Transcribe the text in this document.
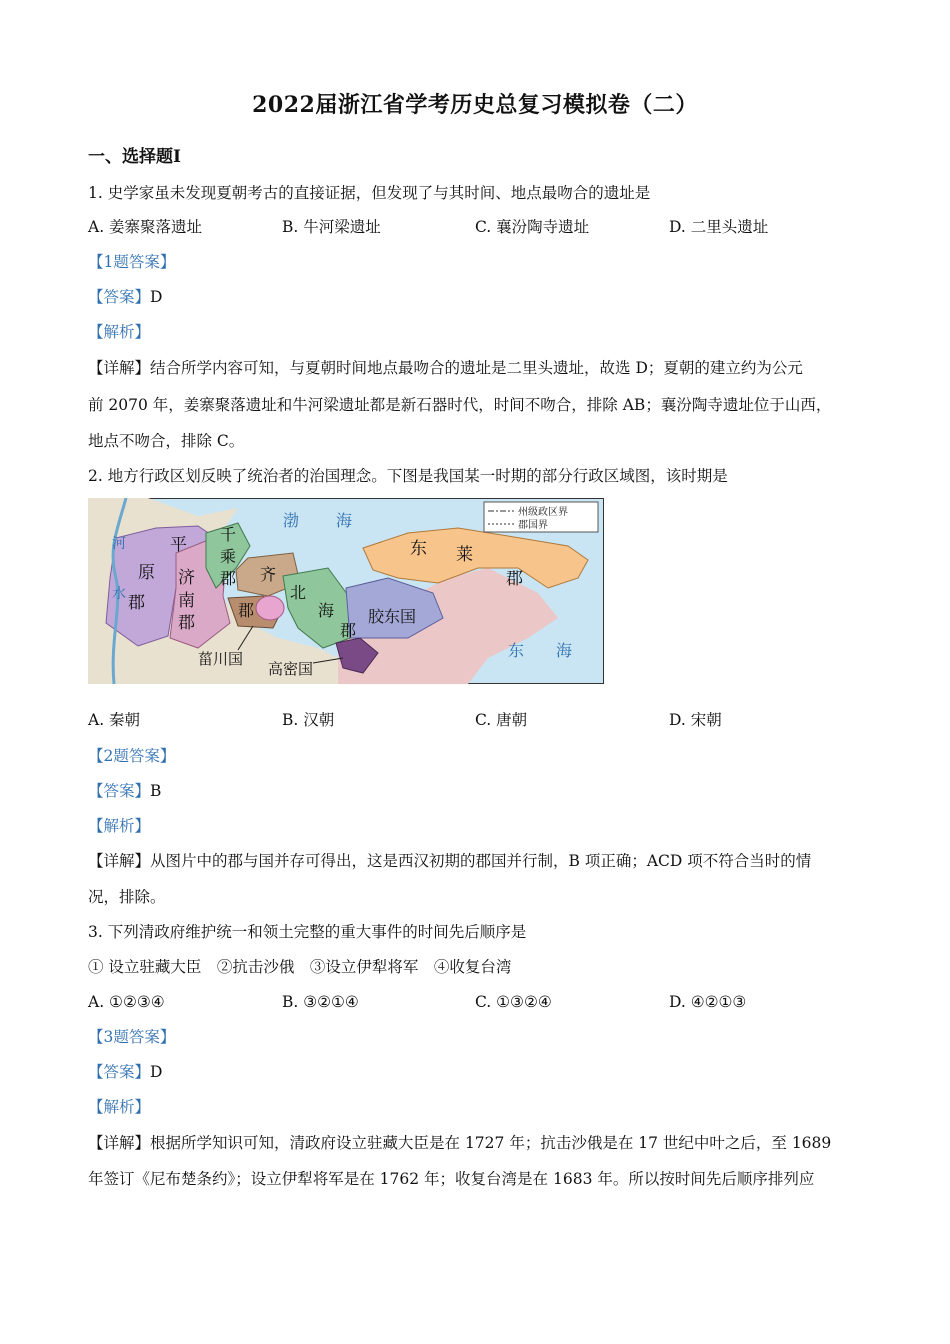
2022届浙江省学考历史总复习模拟卷（二）
一、选择题Ⅰ
1. 史学家虽未发现夏朝考古的直接证据，但发现了与其时间、地点最吻合的遗址是
A. 姜寨聚落遗址	B. 牛河梁遗址	C. 襄汾陶寺遗址	D. 二里头遗址
【1题答案】
【答案】D
【解析】
【详解】结合所学内容可知，与夏朝时间地点最吻合的遗址是二里头遗址，故选 D；夏朝的建立约为公元
前 2070 年，姜寨聚落遗址和牛河梁遗址都是新石器时代，时间不吻合，排除 AB；襄汾陶寺遗址位于山西，
地点不吻合，排除 C。
2. 地方行政区划反映了统治者的治国理念。下图是我国某一时期的部分行政区域图，该时期是
州级政区界
郡国界
渤 海
东 海
河
水
平
原
郡
济
南
郡
千
乘
郡 齐
郡
北
海
郡
胶东国
东 莱
郡
菑川国
高密国
A. 秦朝	B. 汉朝	C. 唐朝	D. 宋朝
【2题答案】
【答案】B
【解析】
【详解】从图片中的郡与国并存可得出，这是西汉初期的郡国并行制，B 项正确；ACD 项不符合当时的情
况，排除。
3. 下列清政府维护统一和领土完整的重大事件的时间先后顺序是
① 设立驻藏大臣　②抗击沙俄　③设立伊犁将军　④收复台湾
A. ①②③④	B. ③②①④	C. ①③②④	D. ④②①③
【3题答案】
【答案】D
【解析】
【详解】根据所学知识可知，清政府设立驻藏大臣是在 1727 年；抗击沙俄是在 17 世纪中叶之后，至 1689
年签订《尼布楚条约》；设立伊犁将军是在 1762 年；收复台湾是在 1683 年。所以按时间先后顺序排列应
